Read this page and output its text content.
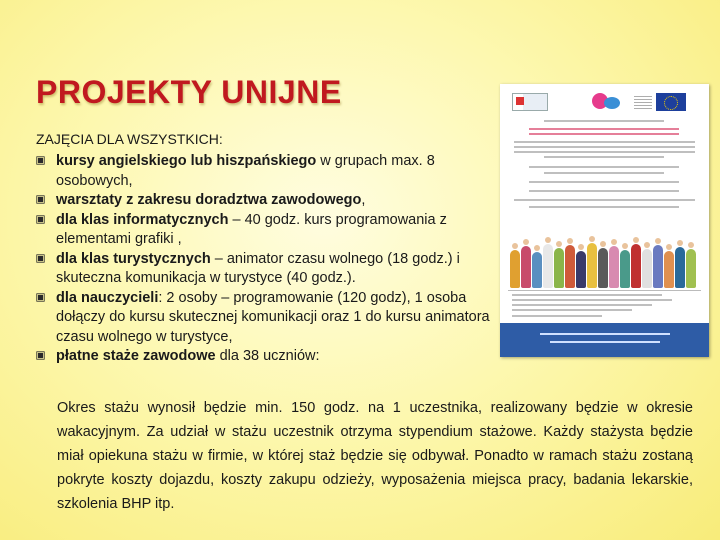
PROJEKTY UNIJNE
ZAJĘCIA DLA WSZYSTKICH:
kursy angielskiego lub hiszpańskiego w grupach max. 8 osobowych,
warsztaty z zakresu doradztwa zawodowego,
dla klas informatycznych – 40 godz. kurs programowania z elementami grafiki ,
dla klas turystycznych – animator czasu wolnego (18 godz.) i skuteczna komunikacja w turystyce (40 godz.).
dla nauczycieli: 2 osoby – programowanie (120 godz), 1 osoba dołączy do kursu skutecznej komunikacji oraz 1 do kursu animatora czasu wolnego w turystyce,
płatne staże zawodowe dla 38 uczniów:
Okres stażu wynosił będzie min. 150 godz. na 1 uczestnika, realizowany będzie w okresie wakacyjnym. Za udział w stażu uczestnik otrzyma stypendium stażowe. Każdy stażysta będzie miał opiekuna stażu w firmie, w której staż będzie się odbywał. Ponadto w ramach stażu zostaną pokryte koszty dojazdu, koszty zakupu odzieży, wyposażenia miejsca pracy, badania lekarskie, szkolenia BHP itp.
